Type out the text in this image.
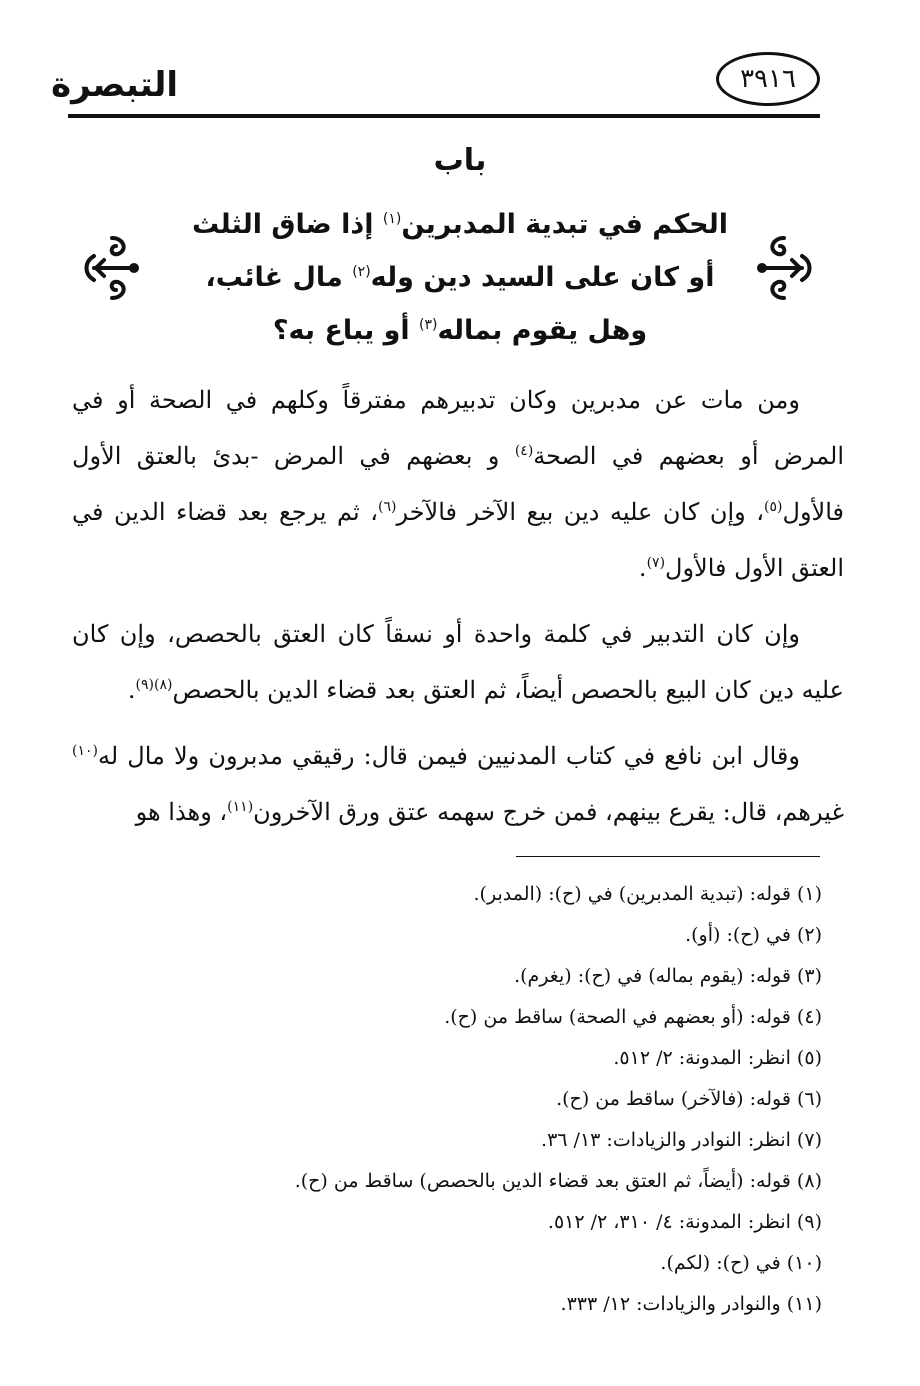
٣٩١٦
التبصرة
باب
الحكم في تبدية المدبرين$^{(١)}$ إذا ضاق الثلث
أو كان على السيد دين وله$^{(٢)}$ مال غائب،
وهل يقوم بماله$^{(٣)}$ أو يباع به؟

ومن مات عن مدبرين وكان تدبيرهم مفترقاً وكلهم في الصحة أو في المرض أو بعضهم في الصحة$^{(٤)}$ و بعضهم في المرض -بدئ بالعتق الأول فالأول$^{(٥)}$، وإن كان عليه دين بيع الآخر فالآخر$^{(٦)}$، ثم يرجع بعد قضاء الدين في العتق الأول فالأول$^{(٧)}$.

وإن كان التدبير في كلمة واحدة أو نسقاً كان العتق بالحصص، وإن كان عليه دين كان البيع بالحصص أيضاً، ثم العتق بعد قضاء الدين بالحصص$^{(٨)(٩)}$.

وقال ابن نافع في كتاب المدنيين فيمن قال: رقيقي مدبرون ولا مال له$^{(١٠)}$ غيرهم، قال: يقرع بينهم، فمن خرج سهمه عتق ورق الآخرون$^{(١١)}$، وهذا هو

(١) قوله: (تبدية المدبرين) في (ح): (المدبر).
(٢) في (ح): (أو).
(٣) قوله: (يقوم بماله) في (ح): (يغرم).
(٤) قوله: (أو بعضهم في الصحة) ساقط من (ح).
(٥) انظر: المدونة: ٢/ ٥١٢.
(٦) قوله: (فالآخر) ساقط من (ح).
(٧) انظر: النوادر والزيادات: ١٣/ ٣٦.
(٨) قوله: (أيضاً، ثم العتق بعد قضاء الدين بالحصص) ساقط من (ح).
(٩) انظر: المدونة: ٤/ ٣١٠، ٢/ ٥١٢.
(١٠) في (ح): (لكم).
(١١) والنوادر والزيادات: ١٢/ ٣٣٣.
